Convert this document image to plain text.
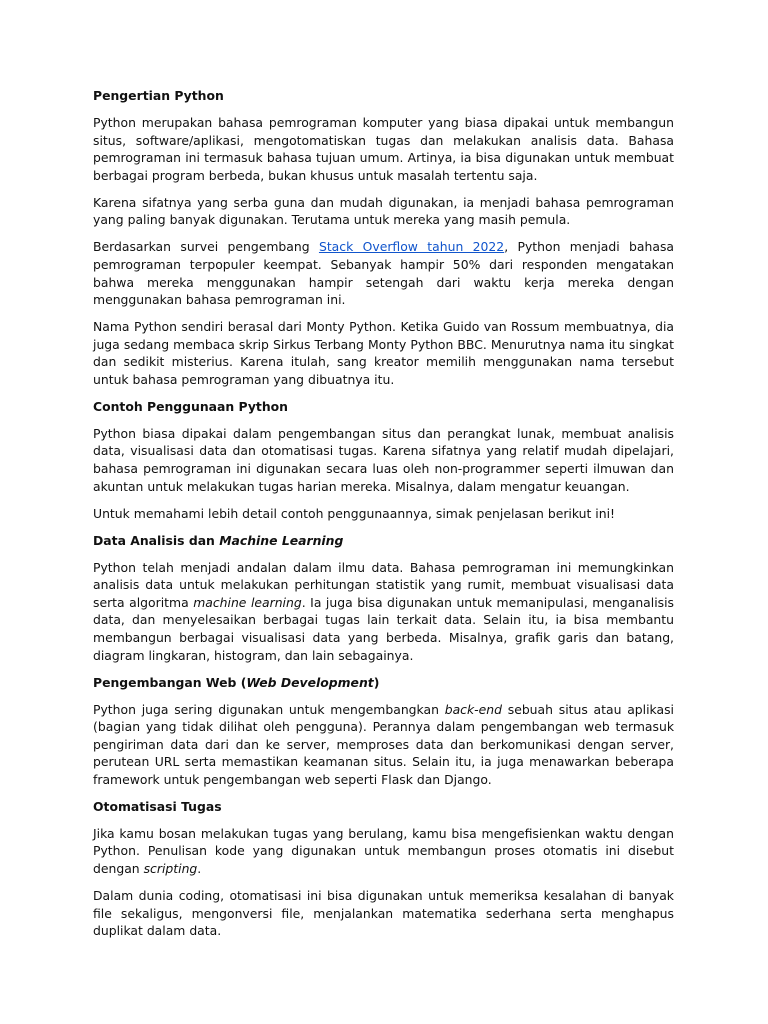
Pengertian Python

Python merupakan bahasa pemrograman komputer yang biasa dipakai untuk membangun situs, software/aplikasi, mengotomatiskan tugas dan melakukan analisis data. Bahasa pemrograman ini termasuk bahasa tujuan umum. Artinya, ia bisa digunakan untuk membuat berbagai program berbeda, bukan khusus untuk masalah tertentu saja.

Karena sifatnya yang serba guna dan mudah digunakan, ia menjadi bahasa pemrograman yang paling banyak digunakan. Terutama untuk mereka yang masih pemula.

Berdasarkan survei pengembang Stack Overflow tahun 2022, Python menjadi bahasa pemrograman terpopuler keempat. Sebanyak hampir 50% dari responden mengatakan bahwa mereka menggunakan hampir setengah dari waktu kerja mereka dengan menggunakan bahasa pemrograman ini.

Nama Python sendiri berasal dari Monty Python. Ketika Guido van Rossum membuatnya, dia juga sedang membaca skrip Sirkus Terbang Monty Python BBC. Menurutnya nama itu singkat dan sedikit misterius. Karena itulah, sang kreator memilih menggunakan nama tersebut untuk bahasa pemrograman yang dibuatnya itu.

Contoh Penggunaan Python

Python biasa dipakai dalam pengembangan situs dan perangkat lunak, membuat analisis data, visualisasi data dan otomatisasi tugas. Karena sifatnya yang relatif mudah dipelajari, bahasa pemrograman ini digunakan secara luas oleh non-programmer seperti ilmuwan dan akuntan untuk melakukan tugas harian mereka. Misalnya, dalam mengatur keuangan.

Untuk memahami lebih detail contoh penggunaannya, simak penjelasan berikut ini!

Data Analisis dan Machine Learning

Python telah menjadi andalan dalam ilmu data. Bahasa pemrograman ini memungkinkan analisis data untuk melakukan perhitungan statistik yang rumit, membuat visualisasi data serta algoritma machine learning. Ia juga bisa digunakan untuk memanipulasi, menganalisis data, dan menyelesaikan berbagai tugas lain terkait data. Selain itu, ia bisa membantu membangun berbagai visualisasi data yang berbeda. Misalnya, grafik garis dan batang, diagram lingkaran, histogram, dan lain sebagainya.

Pengembangan Web (Web Development)

Python juga sering digunakan untuk mengembangkan back-end sebuah situs atau aplikasi (bagian yang tidak dilihat oleh pengguna). Perannya dalam pengembangan web termasuk pengiriman data dari dan ke server, memproses data dan berkomunikasi dengan server, perutean URL serta memastikan keamanan situs. Selain itu, ia juga menawarkan beberapa framework untuk pengembangan web seperti Flask dan Django.

Otomatisasi Tugas

Jika kamu bosan melakukan tugas yang berulang, kamu bisa mengefisienkan waktu dengan Python. Penulisan kode yang digunakan untuk membangun proses otomatis ini disebut dengan scripting.

Dalam dunia coding, otomatisasi ini bisa digunakan untuk memeriksa kesalahan di banyak file sekaligus, mengonversi file, menjalankan matematika sederhana serta menghapus duplikat dalam data.
